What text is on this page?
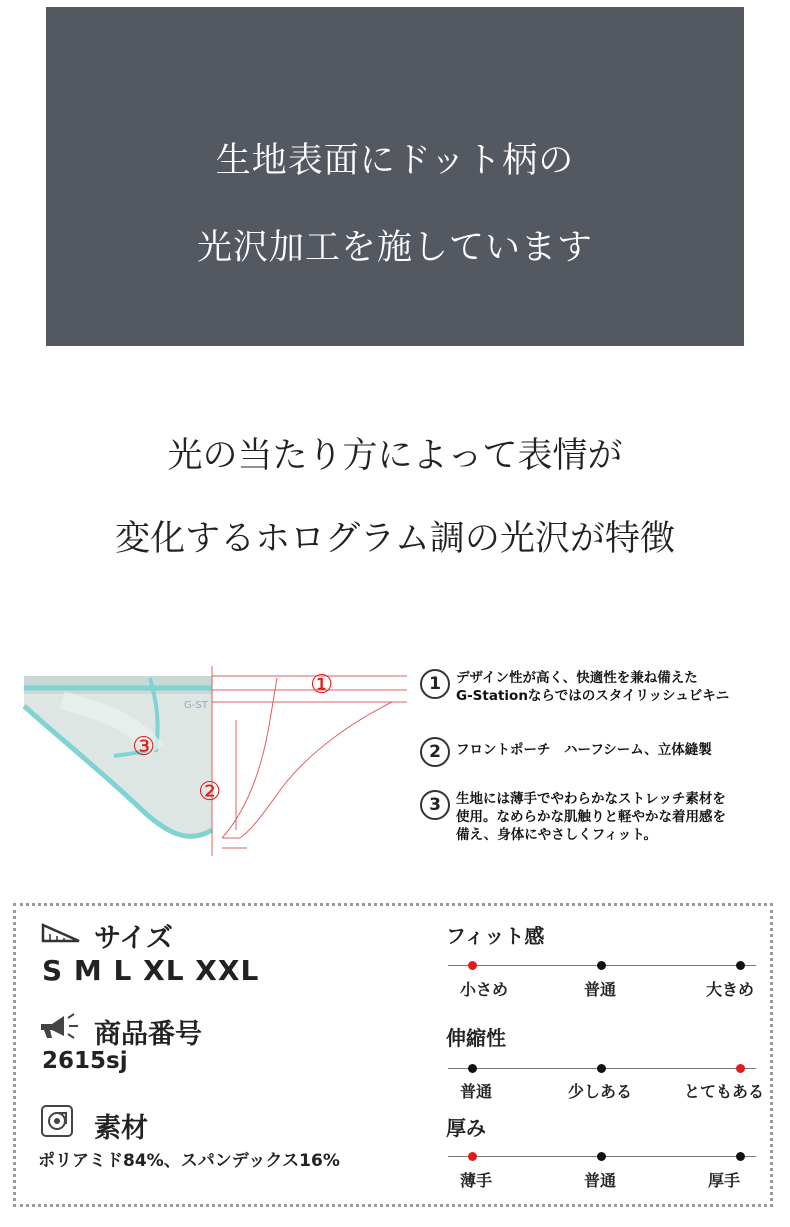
生地表面にドット柄の
光沢加工を施しています
光の当たり方によって表情が
変化するホログラム調の光沢が特徴
G-ST
①
②
③
1	デザイン性が高く、快適性を兼ね備えた
G-Stationならではのスタイリッシュビキニ
2	フロントポーチ　ハーフシーム、立体縫製
3	生地には薄手でやわらかなストレッチ素材を
使用。なめらかな肌触りと軽やかな着用感を
備え、身体にやさしくフィット。
サイズ
S M L XL XXL
商品番号
2615sj
素材
ポリアミド84%、スパンデックス16%
フィット感
小さめ	普通	大きめ
伸縮性
普通	少しある	とてもある
厚み
薄手	普通	厚手
